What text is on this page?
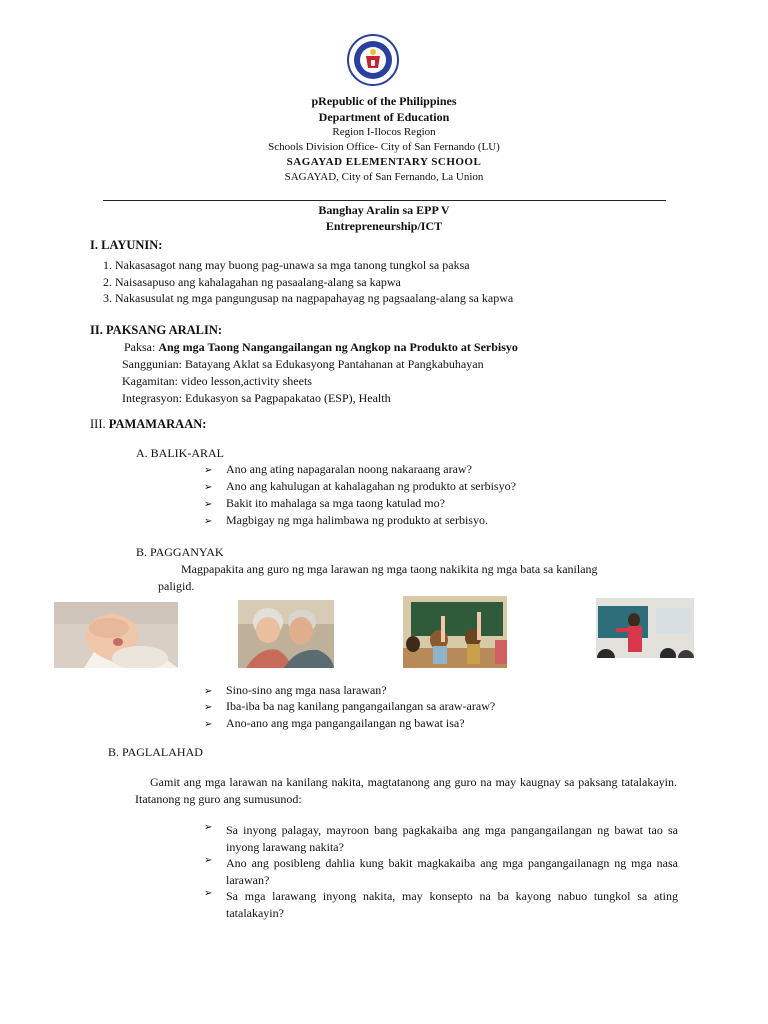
pRepublic of the Philippines
Department of Education
Region I-Ilocos Region
Schools Division Office- City of San Fernando (LU)
SAGAYAD ELEMENTARY SCHOOL
SAGAYAD, City of San Fernando, La Union
Banghay Aralin sa EPP V
Entrepreneurship/ICT
I. LAYUNIN:
1. Nakasasagot nang may buong pag-unawa sa mga tanong tungkol sa paksa
2. Naisasapuso ang kahalagahan ng pasaalang-alang sa kapwa
3. Nakasusulat ng mga pangungusap na nagpapahayag ng pagsaalang-alang sa kapwa
II. PAKSANG ARALIN:
Paksa: Ang mga Taong Nangangailangan ng Angkop na Produkto at Serbisyo
Sanggunian: Batayang Aklat sa Edukasyong Pantahanan at Pangkabuhayan
Kagamitan: video lesson,activity sheets
Integrasyon: Edukasyon sa Pagpapakatao (ESP), Health
III. PAMAMARAAN:
A. BALIK-ARAL
➢ Ano ang ating napagaralan noong nakaraang araw?
➢ Ano ang kahulugan at kahalagahan ng produkto at serbisyo?
➢ Bakit ito mahalaga sa mga taong katulad mo?
➢ Magbigay ng mga halimbawa ng produkto at serbisyo.
B. PAGGANYAK
Magpapakita ang guro ng mga larawan ng mga taong nakikita ng mga bata sa kanilang
paligid.
➢ Sino-sino ang mga nasa larawan?
➢ Iba-iba ba nag kanilang pangangailangan sa araw-araw?
➢ Ano-ano ang mga pangangailangan ng bawat isa?
B. PAGLALAHAD
Gamit ang mga larawan na kanilang nakita, magtatanong ang guro na may kaugnay sa paksang tatalakayin. Itatanong ng guro ang sumusunod:
➢	Sa inyong palagay, mayroon bang pagkakaiba ang mga pangangailangan ng bawat tao sa inyong larawang nakita?
➢	Ano ang posibleng dahlia kung bakit magkakaiba ang mga pangangailanagn ng mga nasa larawan?
➢	Sa mga larawang inyong nakita, may konsepto na ba kayong nabuo tungkol sa ating tatalakayin?
